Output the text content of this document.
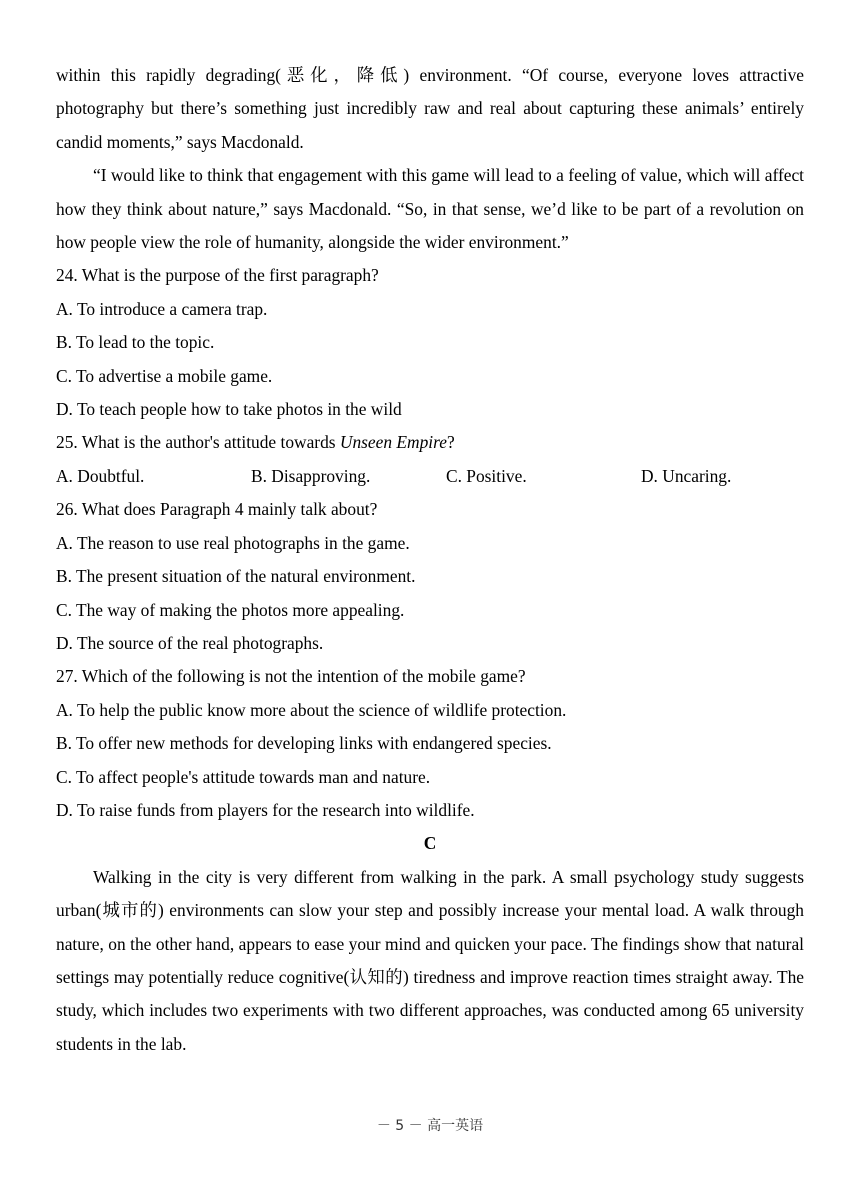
within this rapidly degrading(恶化，降低) environment. “Of course, everyone loves attractive photography but there’s something just incredibly raw and real about capturing these animals’ entirely candid moments,” says Macdonald.

“I would like to think that engagement with this game will lead to a feeling of value, which will affect how they think about nature,” says Macdonald. “So, in that sense, we’d like to be part of a revolution on how people view the role of humanity, alongside the wider environment.”

24. What is the purpose of the first paragraph?

A. To introduce a camera trap.

B. To lead to the topic.

C. To advertise a mobile game.

D. To teach people how to take photos in the wild

25. What is the author's attitude towards Unseen Empire?

A. Doubtful.	B. Disapproving.	C. Positive.	D. Uncaring.

26. What does Paragraph 4 mainly talk about?

A. The reason to use real photographs in the game.

B. The present situation of the natural environment.

C. The way of making the photos more appealing.

D. The source of the real photographs.

27. Which of the following is not the intention of the mobile game?

A. To help the public know more about the science of wildlife protection.

B. To offer new methods for developing links with endangered species.

C. To affect people's attitude towards man and nature.

D. To raise funds from players for the research into wildlife.

C

Walking in the city is very different from walking in the park. A small psychology study suggests urban(城市的) environments can slow your step and possibly increase your mental load. A walk through nature, on the other hand, appears to ease your mind and quicken your pace. The findings show that natural settings may potentially reduce cognitive(认知的) tiredness and improve reaction times straight away. The study, which includes two experiments with two different approaches, was conducted among 65 university students in the lab.

－ 5 － 高一英语
